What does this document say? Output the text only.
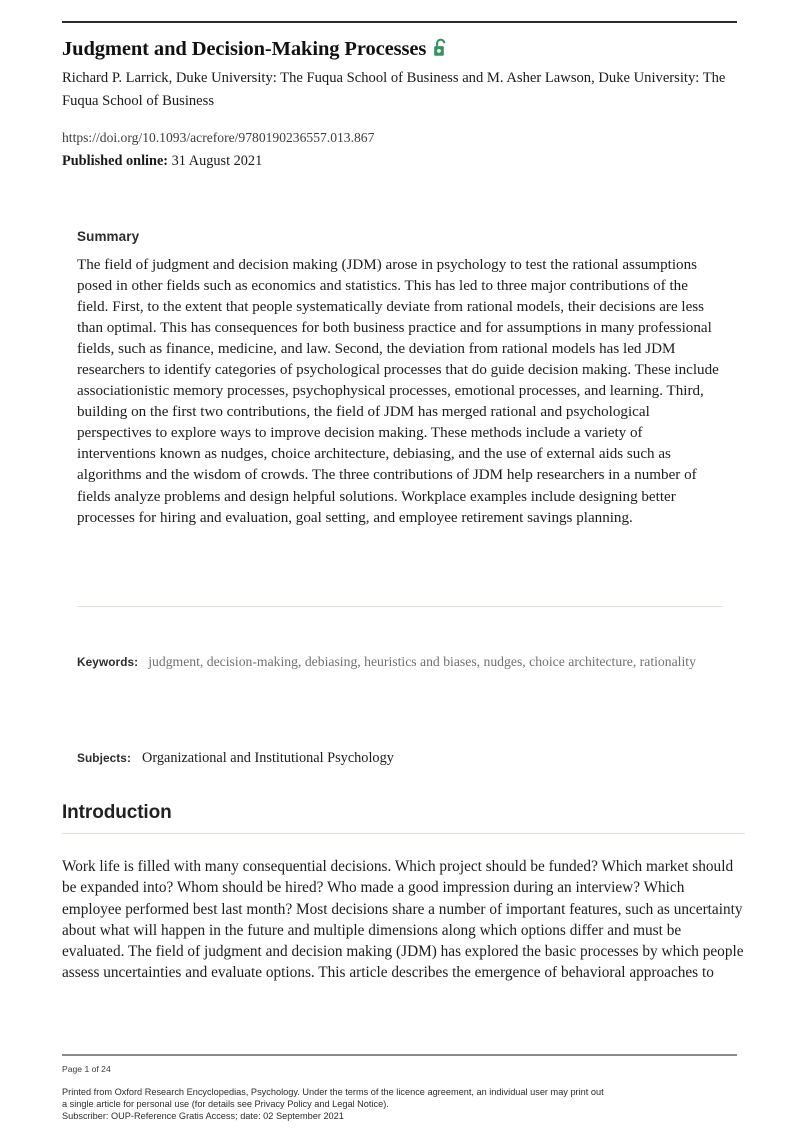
Judgment and Decision-Making Processes
Richard P. Larrick, Duke University: The Fuqua School of Business and M. Asher Lawson, Duke University: The Fuqua School of Business
https://doi.org/10.1093/acrefore/9780190236557.013.867
Published online: 31 August 2021
Summary

The field of judgment and decision making (JDM) arose in psychology to test the rational assumptions posed in other fields such as economics and statistics. This has led to three major contributions of the field. First, to the extent that people systematically deviate from rational models, their decisions are less than optimal. This has consequences for both business practice and for assumptions in many professional fields, such as finance, medicine, and law. Second, the deviation from rational models has led JDM researchers to identify categories of psychological processes that do guide decision making. These include associationistic memory processes, psychophysical processes, emotional processes, and learning. Third, building on the first two contributions, the field of JDM has merged rational and psychological perspectives to explore ways to improve decision making. These methods include a variety of interventions known as nudges, choice architecture, debiasing, and the use of external aids such as algorithms and the wisdom of crowds. The three contributions of JDM help researchers in a number of fields analyze problems and design helpful solutions. Workplace examples include designing better processes for hiring and evaluation, goal setting, and employee retirement savings planning.

Keywords: judgment, decision-making, debiasing, heuristics and biases, nudges, choice architecture, rationality
Subjects: Organizational and Institutional Psychology
Introduction

Work life is filled with many consequential decisions. Which project should be funded? Which market should be expanded into? Whom should be hired? Who made a good impression during an interview? Which employee performed best last month? Most decisions share a number of important features, such as uncertainty about what will happen in the future and multiple dimensions along which options differ and must be evaluated. The field of judgment and decision making (JDM) has explored the basic processes by which people assess uncertainties and evaluate options. This article describes the emergence of behavioral approaches to

Page 1 of 24
Printed from Oxford Research Encyclopedias, Psychology. Under the terms of the licence agreement, an individual user may print out
a single article for personal use (for details see Privacy Policy and Legal Notice).
Subscriber: OUP-Reference Gratis Access; date: 02 September 2021
